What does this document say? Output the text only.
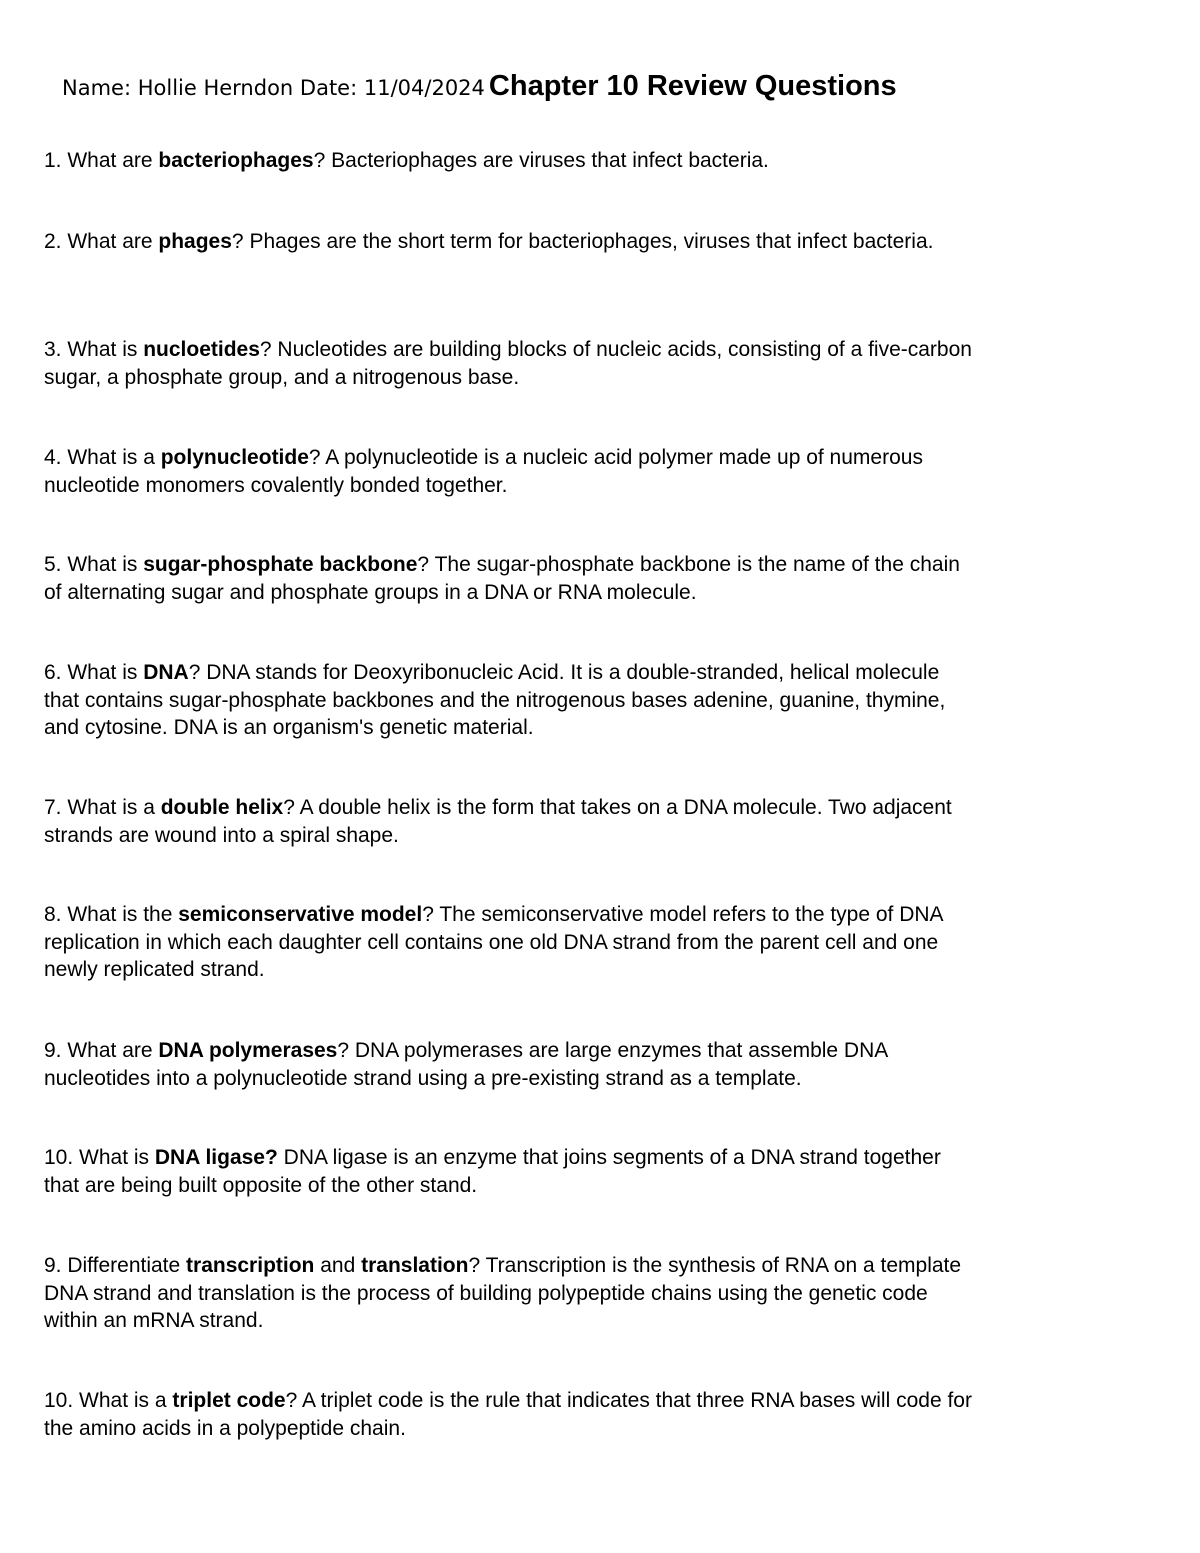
Name: Hollie Herndon Date: 11/04/2024 Chapter 10 Review Questions

1. What are bacteriophages? Bacteriophages are viruses that infect bacteria.

2. What are phages? Phages are the short term for bacteriophages, viruses that infect bacteria.

3. What is nucloetides? Nucleotides are building blocks of nucleic acids, consisting of a five-carbon sugar, a phosphate group, and a nitrogenous base.

4. What is a polynucleotide? A polynucleotide is a nucleic acid polymer made up of numerous nucleotide monomers covalently bonded together.

5. What is sugar-phosphate backbone? The sugar-phosphate backbone is the name of the chain of alternating sugar and phosphate groups in a DNA or RNA molecule.

6. What is DNA? DNA stands for Deoxyribonucleic Acid. It is a double-stranded, helical molecule that contains sugar-phosphate backbones and the nitrogenous bases adenine, guanine, thymine, and cytosine. DNA is an organism's genetic material.

7. What is a double helix? A double helix is the form that takes on a DNA molecule. Two adjacent strands are wound into a spiral shape.

8. What is the semiconservative model? The semiconservative model refers to the type of DNA replication in which each daughter cell contains one old DNA strand from the parent cell and one newly replicated strand.

9. What are DNA polymerases? DNA polymerases are large enzymes that assemble DNA nucleotides into a polynucleotide strand using a pre-existing strand as a template.

10. What is DNA ligase? DNA ligase is an enzyme that joins segments of a DNA strand together that are being built opposite of the other stand.

9. Differentiate transcription and translation? Transcription is the synthesis of RNA on a template DNA strand and translation is the process of building polypeptide chains using the genetic code within an mRNA strand.

10. What is a triplet code? A triplet code is the rule that indicates that three RNA bases will code for the amino acids in a polypeptide chain.
